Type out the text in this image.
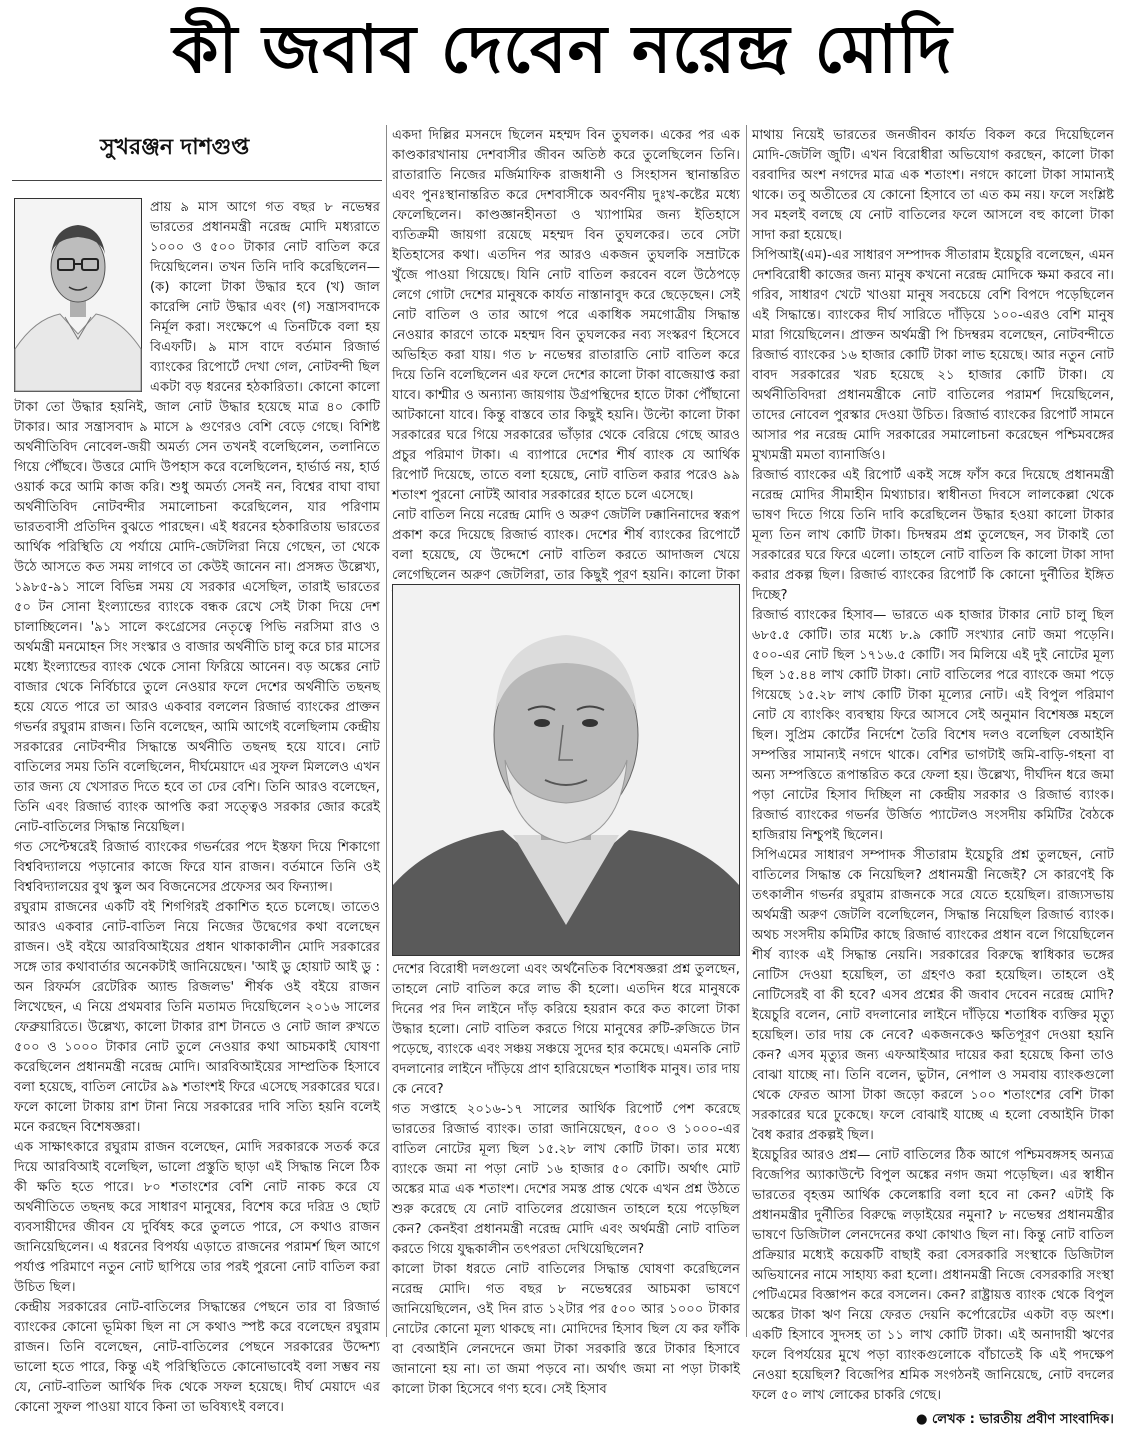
কী জবাব দেবেন নরেন্দ্র মোদি
সুখরঞ্জন দাশগুপ্ত

প্রায় ৯ মাস আগে গত বছর ৮ নভেম্বর ভারতের প্রধানমন্ত্রী নরেন্দ্র মোদি মধ্যরাতে ১০০০ ও ৫০০ টাকার নোট বাতিল করে দিয়েছিলেন। তখন তিনি দাবি করেছিলেন— (ক) কালো টাকা উদ্ধার হবে (খ) জাল কারেন্সি নোট উদ্ধার এবং (গ) সন্ত্রাসবাদকে নির্মূল করা। সংক্ষেপে এ তিনটিকে বলা হয় বিএফটি। ৯ মাস বাদে বর্তমান রিজার্ভ ব্যাংকের রিপোর্টে দেখা গেল, নোটবন্দী ছিল একটা বড় ধরনের হঠকারিতা। কোনো কালো টাকা তো উদ্ধার হয়নিই, জাল নোট উদ্ধার হয়েছে মাত্র ৪০ কোটি টাকার। আর সন্ত্রাসবাদ ৯ মাসে ৯ গুণেরও বেশি বেড়ে গেছে। বিশিষ্ট অর্থনীতিবিদ নোবেল-জয়ী অমর্ত্য সেন তখনই বলেছিলেন, তলানিতে গিয়ে পৌঁছবে। উত্তরে মোদি উপহাস করে বলেছিলেন, হার্ভার্ড নয়, হার্ড ওয়ার্ক করে আমি কাজ করি। শুধু অমর্ত্য সেনই নন, বিশ্বের বাঘা বাঘা অর্থনীতিবিদ নোটবন্দীর সমালোচনা করেছিলেন, যার পরিণাম ভারতবাসী প্রতিদিন বুঝতে পারছেন। এই ধরনের হঠকারিতায় ভারতের আর্থিক পরিস্থিতি যে পর্যায়ে মোদি-জেটলিরা নিয়ে গেছেন, তা থেকে উঠে আসতে কত সময় লাগবে তা কেউই জানেন না। প্রসঙ্গত উল্লেখ্য, ১৯৮৫-৯১ সালে বিভিন্ন সময় যে সরকার এসেছিল, তারাই ভারতের ৫০ টন সোনা ইংল্যান্ডের ব্যাংকে বন্ধক রেখে সেই টাকা দিয়ে দেশ চালাচ্ছিলেন। '৯১ সালে কংগ্রেসের নেতৃত্বে পিভি নরসিমা রাও ও অর্থমন্ত্রী মনমোহন সিং সংস্কার ও বাজার অর্থনীতি চালু করে চার মাসের মধ্যে ইংল্যান্ডের ব্যাংক থেকে সোনা ফিরিয়ে আনেন। বড় অঙ্কের নোট বাজার থেকে নির্বিচারে তুলে নেওয়ার ফলে দেশের অর্থনীতি তছনছ হয়ে যেতে পারে তা আরও একবার বললেন রিজার্ভ ব্যাংকের প্রাক্তন গভর্নর রঘুরাম রাজন। তিনি বলেছেন, আমি আগেই বলেছিলাম কেন্দ্রীয় সরকারের নোটবন্দীর সিদ্ধান্তে অর্থনীতি তছনছ হয়ে যাবে। নোট বাতিলের সময় তিনি বলেছিলেন, দীর্ঘমেয়াদে এর সুফল মিললেও এখন তার জন্য যে খেসারত দিতে হবে তা ঢের বেশি। তিনি আরও বলেছেন, তিনি এবং রিজার্ভ ব্যাংক আপত্তি করা সত্ত্বেও সরকার জোর করেই নোট-বাতিলের সিদ্ধান্ত নিয়েছিল।

গত সেপ্টেম্বরেই রিজার্ভ ব্যাংকের গভর্নরের পদে ইস্তফা দিয়ে শিকাগো বিশ্ববিদ্যালয়ে পড়ানোর কাজে ফিরে যান রাজন। বর্তমানে তিনি ওই বিশ্ববিদ্যালয়ের বুথ স্কুল অব বিজনেসের প্রফেসর অব ফিন্যান্স।

রঘুরাম রাজনের একটি বই শিগগিরই প্রকাশিত হতে চলেছে। তাতেও আরও একবার নোট-বাতিল নিয়ে নিজের উদ্বেগের কথা বলেছেন রাজন। ওই বইয়ে আরবিআইয়ের প্রধান থাকাকালীন মোদি সরকারের সঙ্গে তার কথাবার্তার অনেকটাই জানিয়েছেন। 'আই ডু হোয়াট আই ডু : অন রিফর্মস রেটেরিক অ্যান্ড রিজলভ' শীর্ষক ওই বইয়ে রাজন লিখেছেন, এ নিয়ে প্রথমবার তিনি মতামত দিয়েছিলেন ২০১৬ সালের ফেব্রুয়ারিতে। উল্লেখ্য, কালো টাকার রাশ টানতে ও নোট জাল রুখতে ৫০০ ও ১০০০ টাকার নোট তুলে নেওয়ার কথা আচমকাই ঘোষণা করেছিলেন প্রধানমন্ত্রী নরেন্দ্র মোদি। আরবিআইয়ের সাম্প্রতিক হিসাবে বলা হয়েছে, বাতিল নোটের ৯৯ শতাংশই ফিরে এসেছে সরকারের ঘরে। ফলে কালো টাকায় রাশ টানা নিয়ে সরকারের দাবি সত্যি হয়নি বলেই মনে করছেন বিশেষজ্ঞরা।

এক সাক্ষাৎকারে রঘুরাম রাজন বলেছেন, মোদি সরকারকে সতর্ক করে দিয়ে আরবিআই বলেছিল, ভালো প্রস্তুতি ছাড়া এই সিদ্ধান্ত নিলে ঠিক কী ক্ষতি হতে পারে। ৮০ শতাংশের বেশি নোট নাকচ করে যে অর্থনীতিতে তছনছ করে সাধারণ মানুষের, বিশেষ করে দরিদ্র ও ছোট ব্যবসায়ীদের জীবন যে দুর্বিষহ করে তুলতে পারে, সে কথাও রাজন জানিয়েছিলেন। এ ধরনের বিপর্যয় এড়াতে রাজনের পরামর্শ ছিল আগে পর্যাপ্ত পরিমাণে নতুন নোট ছাপিয়ে তার পরই পুরনো নোট বাতিল করা উচিত ছিল।

কেন্দ্রীয় সরকারের নোট-বাতিলের সিদ্ধান্তের পেছনে তার বা রিজার্ভ ব্যাংকের কোনো ভূমিকা ছিল না সে কথাও স্পষ্ট করে বলেছেন রঘুরাম রাজন। তিনি বলেছেন, নোট-বাতিলের পেছনে সরকারের উদ্দেশ্য ভালো হতে পারে, কিন্তু এই পরিস্থিতিতে কোনোভাবেই বলা সম্ভব নয় যে, নোট-বাতিল আর্থিক দিক থেকে সফল হয়েছে। দীর্ঘ মেয়াদে এর কোনো সুফল পাওয়া যাবে কিনা তা ভবিষ্যৎই বলবে।

একদা দিল্লির মসনদে ছিলেন মহম্মদ বিন তুঘলক। একের পর এক কাণ্ডকারখানায় দেশবাসীর জীবন অতিষ্ঠ করে তুলেছিলেন তিনি। রাতারাতি নিজের মর্জিমাফিক রাজধানী ও সিংহাসন স্থানান্তরিত এবং পুনঃস্থানান্তরিত করে দেশবাসীকে অবর্ণনীয় দুঃখ-কষ্টের মধ্যে ফেলেছিলেন। কাণ্ডজ্ঞানহীনতা ও খ্যাপামির জন্য ইতিহাসে ব্যতিক্রমী জায়গা রয়েছে মহম্মদ বিন তুঘলকের। তবে সেটা ইতিহাসের কথা। এতদিন পর আরও একজন তুঘলকি সম্রাটকে খুঁজে পাওয়া গিয়েছে। যিনি নোট বাতিল করবেন বলে উঠেপড়ে লেগে গোটা দেশের মানুষকে কার্যত নাস্তানাবুদ করে ছেড়েছেন। সেই নোট বাতিল ও তার আগে পরে একাধিক সমগোত্রীয় সিদ্ধান্ত নেওয়ার কারণে তাকে মহম্মদ বিন তুঘলকের নব্য সংস্করণ হিসেবে অভিহিত করা যায়। গত ৮ নভেম্বর রাতারাতি নোট বাতিল করে দিয়ে তিনি বলেছিলেন এর ফলে দেশের কালো টাকা বাজেয়াপ্ত করা যাবে। কাশ্মীর ও অন্যান্য জায়গায় উগ্রপন্থিদের হাতে টাকা পৌঁছানো আটকানো যাবে। কিন্তু বাস্তবে তার কিছুই হয়নি। উল্টো কালো টাকা সরকারের ঘরে গিয়ে সরকারের ভাঁড়ার থেকে বেরিয়ে গেছে আরও প্রচুর পরিমাণ টাকা। এ ব্যাপারে দেশের শীর্ষ ব্যাংক যে আর্থিক রিপোর্ট দিয়েছে, তাতে বলা হয়েছে, নোট বাতিল করার পরেও ৯৯ শতাংশ পুরনো নোটই আবার সরকারের হাতে চলে এসেছে।

নোট বাতিল নিয়ে নরেন্দ্র মোদি ও অরুণ জেটলি ঢক্কানিনাদের স্বরূপ প্রকাশ করে দিয়েছে রিজার্ভ ব্যাংক। দেশের শীর্ষ ব্যাংকের রিপোর্টে বলা হয়েছে, যে উদ্দেশে নোট বাতিল করতে আদাজল খেয়ে লেগেছিলেন অরুণ জেটলিরা, তার কিছুই পূরণ হয়নি। কালো টাকা

দেশের বিরোধী দলগুলো এবং অর্থনৈতিক বিশেষজ্ঞরা প্রশ্ন তুলছেন, তাহলে নোট বাতিল করে লাভ কী হলো। এতদিন ধরে মানুষকে দিনের পর দিন লাইনে দাঁড় করিয়ে হয়রান করে কত কালো টাকা উদ্ধার হলো। নোট বাতিল করতে গিয়ে মানুষের রুটি-রুজিতে টান পড়েছে, ব্যাংকে এবং সঞ্চয় সঞ্চয়ে সুদের হার কমেছে। এমনকি নোট বদলানোর লাইনে দাঁড়িয়ে প্রাণ হারিয়েছেন শতাধিক মানুষ। তার দায় কে নেবে?

গত সপ্তাহে ২০১৬-১৭ সালের আর্থিক রিপোর্ট পেশ করেছে ভারতের রিজার্ভ ব্যাংক। তারা জানিয়েছেন, ৫০০ ও ১০০০-এর বাতিল নোটের মূল্য ছিল ১৫.২৮ লাখ কোটি টাকা। তার মধ্যে ব্যাংকে জমা না পড়া নোট ১৬ হাজার ৫০ কোটি। অর্থাৎ মোট অঙ্কের মাত্র এক শতাংশ। দেশের সমস্ত প্রান্ত থেকে এখন প্রশ্ন উঠতে শুরু করেছে যে নোট বাতিলের প্রয়োজন তাহলে হয়ে পড়েছিল কেন? কেনইবা প্রধানমন্ত্রী নরেন্দ্র মোদি এবং অর্থমন্ত্রী নোট বাতিল করতে গিয়ে যুদ্ধকালীন তৎপরতা দেখিয়েছিলেন?

কালো টাকা ধরতে নোট বাতিলের সিদ্ধান্ত ঘোষণা করেছিলেন নরেন্দ্র মোদি। গত বছর ৮ নভেম্বরের আচমকা ভাষণে জানিয়েছিলেন, ওই দিন রাত ১২টার পর ৫০০ আর ১০০০ টাকার নোটের কোনো মূল্য থাকছে না। মোদিদের হিসাব ছিল যে কর ফাঁকি বা বেআইনি লেনদেনে জমা টাকা সরকারি স্তরে টাকার হিসাবে জানানো হয় না। তা জমা পড়বে না। অর্থাৎ জমা না পড়া টাকাই কালো টাকা হিসেবে গণ্য হবে। সেই হিসাব

মাথায় নিয়েই ভারতের জনজীবন কার্যত বিকল করে দিয়েছিলেন মোদি-জেটলি জুটি। এখন বিরোধীরা অভিযোগ করছেন, কালো টাকা বরবাদির অংশ নগদের মাত্র এক শতাংশ। নগদে কালো টাকা সামান্যই থাকে। তবু অতীতের যে কোনো হিসাবে তা এত কম নয়। ফলে সংশ্লিষ্ট সব মহলই বলছে যে নোট বাতিলের ফলে আসলে বহু কালো টাকা সাদা করা হয়েছে।

সিপিআই(এম)-এর সাধারণ সম্পাদক সীতারাম ইয়েচুরি বলেছেন, এমন দেশবিরোধী কাজের জন্য মানুষ কখনো নরেন্দ্র মোদিকে ক্ষমা করবে না। গরিব, সাধারণ খেটে খাওয়া মানুষ সবচেয়ে বেশি বিপদে পড়েছিলেন এই সিদ্ধান্তে। ব্যাংকের দীর্ঘ সারিতে দাঁড়িয়ে ১০০-এরও বেশি মানুষ মারা গিয়েছিলেন। প্রাক্তন অর্থমন্ত্রী পি চিদম্বরম বলেছেন, নোটবন্দীতে রিজার্ভ ব্যাংকের ১৬ হাজার কোটি টাকা লাভ হয়েছে। আর নতুন নোট বাবদ সরকারের খরচ হয়েছে ২১ হাজার কোটি টাকা। যে অর্থনীতিবিদরা প্রধানমন্ত্রীকে নোট বাতিলের পরামর্শ দিয়েছিলেন, তাদের নোবেল পুরস্কার দেওয়া উচিত। রিজার্ভ ব্যাংকের রিপোর্ট সামনে আসার পর নরেন্দ্র মোদি সরকারের সমালোচনা করেছেন পশ্চিমবঙ্গের মুখ্যমন্ত্রী মমতা ব্যানার্জিও।

রিজার্ভ ব্যাংকের এই রিপোর্ট একই সঙ্গে ফাঁস করে দিয়েছে প্রধানমন্ত্রী নরেন্দ্র মোদির সীমাহীন মিথ্যাচার। স্বাধীনতা দিবসে লালকেল্লা থেকে ভাষণ দিতে গিয়ে তিনি দাবি করেছিলেন উদ্ধার হওয়া কালো টাকার মূল্য তিন লাখ কোটি টাকা। চিদম্বরম প্রশ্ন তুলেছেন, সব টাকাই তো সরকারের ঘরে ফিরে এলো। তাহলে নোট বাতিল কি কালো টাকা সাদা করার প্রকল্প ছিল। রিজার্ভ ব্যাংকের রিপোর্ট কি কোনো দুর্নীতির ইঙ্গিত দিচ্ছে?

রিজার্ভ ব্যাংকের হিসাব— ভারতে এক হাজার টাকার নোট চালু ছিল ৬৮৫.৫ কোটি। তার মধ্যে ৮.৯ কোটি সংখ্যার নোট জমা পড়েনি। ৫০০-এর নোট ছিল ১৭১৬.৫ কোটি। সব মিলিয়ে এই দুই নোটের মূল্য ছিল ১৫.৪৪ লাখ কোটি টাকা। নোট বাতিলের পরে ব্যাংকে জমা পড়ে গিয়েছে ১৫.২৮ লাখ কোটি টাকা মূল্যের নোট। এই বিপুল পরিমাণ নোট যে ব্যাংকিং ব্যবস্থায় ফিরে আসবে সেই অনুমান বিশেষজ্ঞ মহলে ছিল। সুপ্রিম কোর্টের নির্দেশে তৈরি বিশেষ দলও বলেছিল বেআইনি সম্পত্তির সামান্যই নগদে থাকে। বেশির ভাগটাই জমি-বাড়ি-গহনা বা অন্য সম্পত্তিতে রূপান্তরিত করে ফেলা হয়। উল্লেখ্য, দীর্ঘদিন ধরে জমা পড়া নোটের হিসাব দিচ্ছিল না কেন্দ্রীয় সরকার ও রিজার্ভ ব্যাংক। রিজার্ভ ব্যাংকের গভর্নর উর্জিত প্যাটেলও সংসদীয় কমিটির বৈঠকে হাজিরায় নিশ্চুপই ছিলেন।

সিপিএমের সাধারণ সম্পাদক সীতারাম ইয়েচুরি প্রশ্ন তুলছেন, নোট বাতিলের সিদ্ধান্ত কে নিয়েছিল? প্রধানমন্ত্রী নিজেই? সে কারণেই কি তৎকালীন গভর্নর রঘুরাম রাজনকে সরে যেতে হয়েছিল। রাজ্যসভায় অর্থমন্ত্রী অরুণ জেটলি বলেছিলেন, সিদ্ধান্ত নিয়েছিল রিজার্ভ ব্যাংক। অথচ সংসদীয় কমিটির কাছে রিজার্ভ ব্যাংকের প্রধান বলে গিয়েছিলেন শীর্ষ ব্যাংক এই সিদ্ধান্ত নেয়নি। সরকারের বিরুদ্ধে স্বাধিকার ভঙ্গের নোটিস দেওয়া হয়েছিল, তা গ্রহণও করা হয়েছিল। তাহলে ওই নোটিসেরই বা কী হবে? এসব প্রশ্নের কী জবাব দেবেন নরেন্দ্র মোদি? ইয়েচুরি বলেন, নোট বদলানোর লাইনে দাঁড়িয়ে শতাধিক ব্যক্তির মৃত্যু হয়েছিল। তার দায় কে নেবে? একজনকেও ক্ষতিপূরণ দেওয়া হয়নি কেন? এসব মৃত্যুর জন্য এফআইআর দায়ের করা হয়েছে কিনা তাও বোঝা যাচ্ছে না। তিনি বলেন, ভুটান, নেপাল ও সমবায় ব্যাংকগুলো থেকে ফেরত আসা টাকা জড়ো করলে ১০০ শতাংশের বেশি টাকা সরকারের ঘরে ঢুকেছে। ফলে বোঝাই যাচ্ছে এ হলো বেআইনি টাকা বৈধ করার প্রকল্পই ছিল।

ইয়েচুরির আরও প্রশ্ন— নোট বাতিলের ঠিক আগে পশ্চিমবঙ্গসহ অন্যত্র বিজেপির অ্যাকাউন্টে বিপুল অঙ্কের নগদ জমা পড়েছিল। এর স্বাধীন ভারতের বৃহত্তম আর্থিক কেলেঙ্কারি বলা হবে না কেন? এটাই কি প্রধানমন্ত্রীর দুর্নীতির বিরুদ্ধে লড়াইয়ের নমুনা? ৮ নভেম্বর প্রধানমন্ত্রীর ভাষণে ডিজিটাল লেনদেনের কথা কোথাও ছিল না। কিন্তু নোট বাতিল প্রক্রিয়ার মধ্যেই কয়েকটি বাছাই করা বেসরকারি সংস্থাকে ডিজিটাল অভিযানের নামে সাহায্য করা হলো। প্রধানমন্ত্রী নিজে বেসরকারি সংস্থা পেটিএমের বিজ্ঞাপন করে বসলেন। কেন? রাষ্ট্রায়ত্ত ব্যাংক থেকে বিপুল অঙ্কের টাকা ঋণ নিয়ে ফেরত দেয়নি কর্পোরেটের একটা বড় অংশ। একটি হিসাবে সুদসহ তা ১১ লাখ কোটি টাকা। এই অনাদায়ী ঋণের ফলে বিপর্যয়ের মুখে পড়া ব্যাংকগুলোকে বাঁচাতেই কি এই পদক্ষেপ নেওয়া হয়েছিল? বিজেপির শ্রমিক সংগঠনই জানিয়েছে, নোট বদলের ফলে ৫০ লাখ লোকের চাকরি গেছে।

● লেখক : ভারতীয় প্রবীণ সাংবাদিক।
